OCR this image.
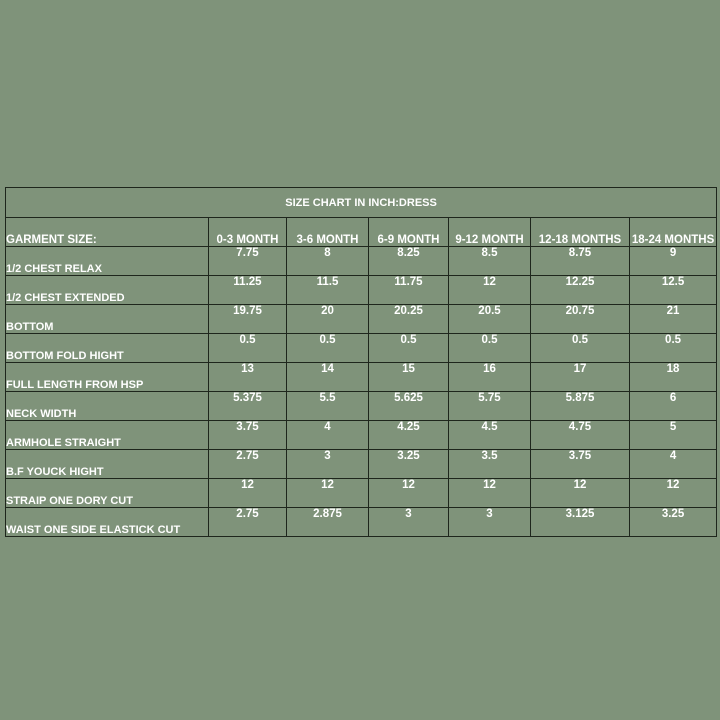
SIZE CHART IN INCH:DRESS						
GARMENT SIZE:	0-3 MONTH	3-6 MONTH	6-9 MONTH	9-12 MONTH	12-18 MONTHS	18-24 MONTHS
1/2 CHEST RELAX	7.75	8	8.25	8.5	8.75	9
1/2 CHEST EXTENDED	11.25	11.5	11.75	12	12.25	12.5
BOTTOM	19.75	20	20.25	20.5	20.75	21
BOTTOM FOLD HIGHT	0.5	0.5	0.5	0.5	0.5	0.5
FULL LENGTH FROM HSP	13	14	15	16	17	18
NECK WIDTH	5.375	5.5	5.625	5.75	5.875	6
ARMHOLE STRAIGHT	3.75	4	4.25	4.5	4.75	5
B.F YOUCK HIGHT	2.75	3	3.25	3.5	3.75	4
STRAIP ONE DORY CUT	12	12	12	12	12	12
WAIST ONE SIDE ELASTICK CUT	2.75	2.875	3	3	3.125	3.25
